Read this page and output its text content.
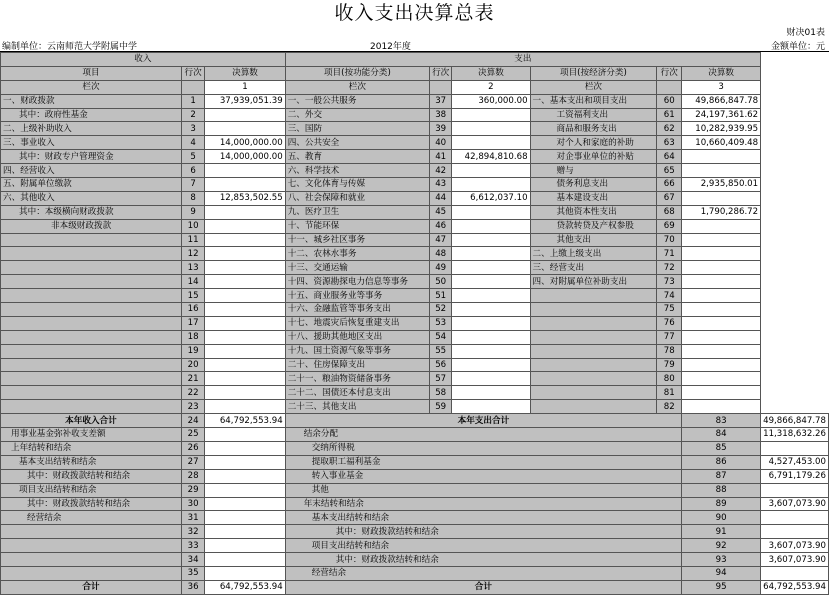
收入支出决算总表
财决01表
编制单位：云南师范大学附属中学	2012年度	金额单位：元
收入			支出						
项目	行次	决算数	项目(按功能分类)	行次	决算数	项目(按经济分类)	行次	决算数	
栏次		1	栏次		2	栏次		3	
一、财政拨款	1	37,939,051.39	一、一般公共服务	37	360,000.00	一、基本支出和项目支出	60	49,866,847.78	
其中：政府性基金	2		二、外交	38		工资福利支出	61	24,197,361.62	
二、上级补助收入	3		三、国防	39		商品和服务支出	62	10,282,939.95	
三、事业收入	4	14,000,000.00	四、公共安全	40		对个人和家庭的补助	63	10,660,409.48	
其中：财政专户管理资金	5	14,000,000.00	五、教育	41	42,894,810.68	对企事业单位的补贴	64		
四、经营收入	6		六、科学技术	42		赠与	65		
五、附属单位缴款	7		七、文化体育与传媒	43		债务利息支出	66	2,935,850.01	
六、其他收入	8	12,853,502.55	八、社会保障和就业	44	6,612,037.10	基本建设支出	67		
其中：本级横向财政拨款	9		九、医疗卫生	45		其他资本性支出	68	1,790,286.72	
非本级财政拨款	10		十、节能环保	46		贷款转贷及产权参股	69		
	11		十一、城乡社区事务	47		其他支出	70		
	12		十二、农林水事务	48		二、上缴上级支出	71		
	13		十三、交通运输	49		三、经营支出	72		
	14		十四、资源勘探电力信息等事务	50		四、对附属单位补助支出	73		
	15		十五、商业服务业等事务	51			74		
	16		十六、金融监管等事务支出	52			75		
	17		十七、地震灾后恢复重建支出	53			76		
	18		十八、援助其他地区支出	54			77		
	19		十九、国土资源气象等事务	55			78		
	20		二十、住房保障支出	56			79		
	21		二十一、粮油物资储备事务	57			80		
	22		二十二、国债还本付息支出	58			81		
	23		二十三、其他支出	59			82		
本年收入合计	24	64,792,553.94	本年支出合计					83	49,866,847.78
用事业基金弥补收支差额	25		结余分配					84	11,318,632.26
上年结转和结余	26		交纳所得税					85	
基本支出结转和结余	27		提取职工福利基金					86	4,527,453.00
其中：财政拨款结转和结余	28		转入事业基金					87	6,791,179.26
项目支出结转和结余	29		其他					88	
其中：财政拨款结转和结余	30		年末结转和结余					89	3,607,073.90
经营结余	31		基本支出结转和结余					90	
	32		其中：财政拨款结转和结余					91	
	33		项目支出结转和结余					92	3,607,073.90
	34		其中：财政拨款结转和结余					93	3,607,073.90
	35		经营结余					94	
合计	36	64,792,553.94	合计					95	64,792,553.94
